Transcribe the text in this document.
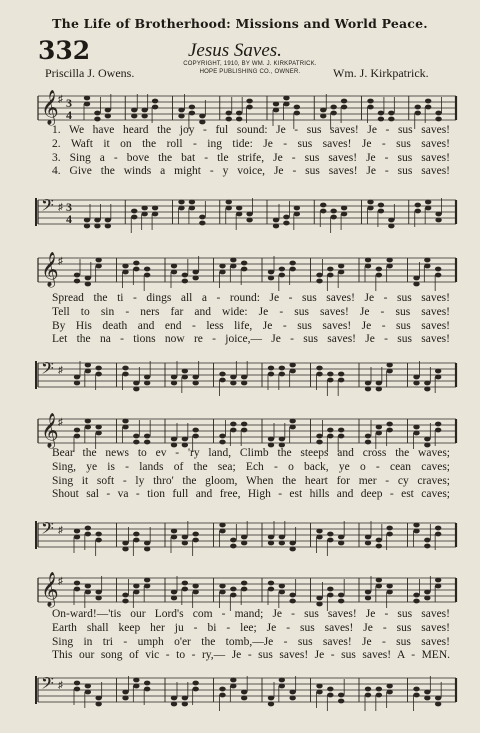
The Life of Brotherhood: Missions and World Peace.
332	Jesus Saves.
Priscilla J. Owens.
COPYRIGHT, 1910, BY WM. J. KIRKPATRICK.
HOPE PUBLISHING CO., OWNER.	Wm. J. Kirkpatrick.
𝄞 ♯ 3
4
1. We have heard the joy - ful sound: Je - sus saves! Je - sus saves!
2. Waft it on the roll - ing tide: Je - sus saves! Je - sus saves!
3. Sing a - bove the bat - tle strife, Je - sus saves! Je - sus saves!
4. Give the winds a might - y voice, Je - sus saves! Je - sus saves!
𝄢 ♯ 3
4
𝄞 ♯
Spread the ti - dings all a - round: Je - sus saves! Je - sus saves!
Tell to sin - ners far and wide: Je - sus saves! Je - sus saves!
By His death and end - less life, Je - sus saves! Je - sus saves!
Let the na - tions now re - joice,— Je - sus saves! Je - sus saves!
𝄢 ♯
𝄞 ♯
Bear the news to ev - 'ry land, Climb the steeps and cross the waves;
Sing, ye is - lands of the sea; Ech - o back, ye o - cean caves;
Sing it soft - ly thro' the gloom, When the heart for mer - cy craves;
Shout sal - va - tion full and free, High - est hills and deep - est caves;
𝄢 ♯
𝄞 ♯
On-ward!—'tis our Lord's com - mand; Je - sus saves! Je - sus saves!
Earth shall keep her ju - bi - lee; Je - sus saves! Je - sus saves!
Sing in tri - umph o'er the tomb,—Je - sus saves! Je - sus saves!
This our song of vic - to - ry,— Je - sus saves! Je - sus saves! A - MEN.
𝄢 ♯
